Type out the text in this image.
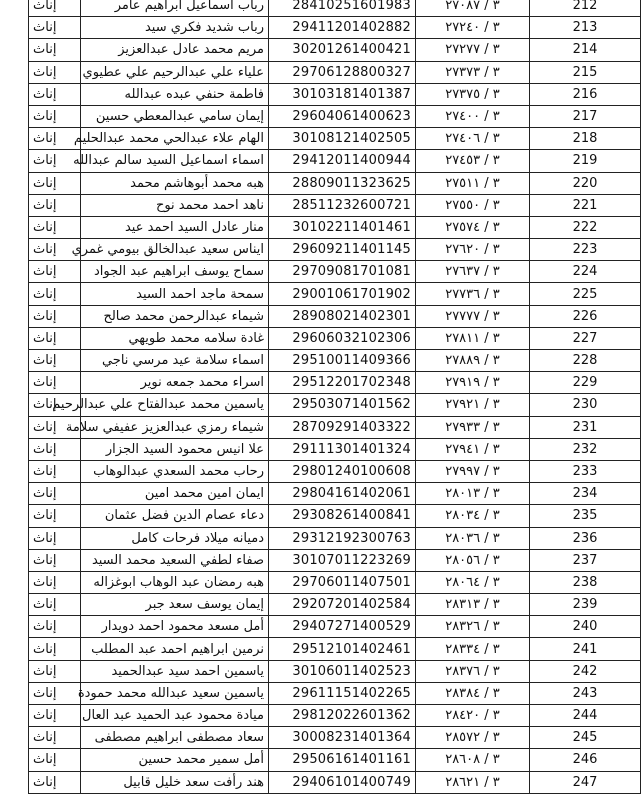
إناث	رباب اسماعيل ابراهيم عامر	28410251601983	٣ / ٢٧٠٨٧	212
إناث	رباب شديد فكري سيد	29411201402882	٣ / ٢٧٢٤٠	213
إناث	مريم محمد عادل عبدالعزيز	30201261400421	٣ / ٢٧٢٧٧	214
إناث	علياء علي عبدالرحيم علي عطيوي	29706128800327	٣ / ٢٧٣٧٣	215
إناث	فاطمة حنفي عبده عبدالله	30103181401387	٣ / ٢٧٣٧٥	216
إناث	إيمان سامي عبدالمعطي حسين	29604061400623	٣ / ٢٧٤٠٠	217
إناث	الهام علاء عبدالحي محمد عبدالحليم	30108121402505	٣ / ٢٧٤٠٦	218
إناث	اسماء اسماعيل السيد سالم عبدالله	29412011400944	٣ / ٢٧٤٥٣	219
إناث	هبه محمد أبوهاشم محمد	28809011323625	٣ / ٢٧٥١١	220
إناث	ناهد احمد محمد نوح	28511232600721	٣ / ٢٧٥٥٠	221
إناث	منار عادل السيد احمد عيد	30102211401461	٣ / ٢٧٥٧٤	222
إناث	ايناس سعيد عبدالخالق بيومي غمري	29609211401145	٣ / ٢٧٦٢٠	223
إناث	سماح يوسف ابراهيم عبد الجواد	29709081701081	٣ / ٢٧٦٣٧	224
إناث	سمحة ماجد احمد السيد	29001061701902	٣ / ٢٧٧٣٦	225
إناث	شيماء عبدالرحمن محمد صالح	28908021402301	٣ / ٢٧٧٧٧	226
إناث	غادة سلامه محمد طويهي	29606032102306	٣ / ٢٧٨١١	227
إناث	اسماء سلامة عيد مرسي ناجي	29510011409366	٣ / ٢٧٨٨٩	228
إناث	اسراء محمد جمعه نوير	29512201702348	٣ / ٢٧٩١٩	229
إناث	ياسمين محمد عبدالفتاح علي عبدالرحيم	29503071401562	٣ / ٢٧٩٢١	230
إناث	شيماء رمزي عبدالعزيز عفيفي سلامة	28709291403322	٣ / ٢٧٩٣٣	231
إناث	علا انيس محمود السيد الجزار	29111301401324	٣ / ٢٧٩٤١	232
إناث	رحاب محمد السعدي عبدالوهاب	29801240100608	٣ / ٢٧٩٩٧	233
إناث	ايمان امين محمد امين	29804161402061	٣ / ٢٨٠١٣	234
إناث	دعاء عصام الدين فضل عثمان	29308261400841	٣ / ٢٨٠٣٤	235
إناث	دميانه ميلاد فرحات كامل	29312192300763	٣ / ٢٨٠٣٦	236
إناث	صفاء لطفي السعيد محمد السيد	30107011223269	٣ / ٢٨٠٥٦	237
إناث	هبه رمضان عبد الوهاب ابوغزاله	29706011407501	٣ / ٢٨٠٦٤	238
إناث	إيمان يوسف سعد جبر	29207201402584	٣ / ٢٨٣١٣	239
إناث	أمل مسعد محمود احمد دويدار	29407271400529	٣ / ٢٨٣٢٦	240
إناث	نرمين ابراهيم احمد عبد المطلب	29512101402461	٣ / ٢٨٣٣٤	241
إناث	ياسمين احمد سيد عبدالحميد	30106011402523	٣ / ٢٨٣٧٦	242
إناث	ياسمين سعيد عبدالله محمد حمودة	29611151402265	٣ / ٢٨٣٨٤	243
إناث	ميادة محمود عبد الحميد عبد العال	29812022601362	٣ / ٢٨٤٢٠	244
إناث	سعاد مصطفى ابراهيم مصطفى	30008231401364	٣ / ٢٨٥٧٢	245
إناث	أمل سمير محمد حسين	29506161401161	٣ / ٢٨٦٠٨	246
إناث	هند رأفت سعد خليل قابيل	29406101400749	٣ / ٢٨٦٢١	247
